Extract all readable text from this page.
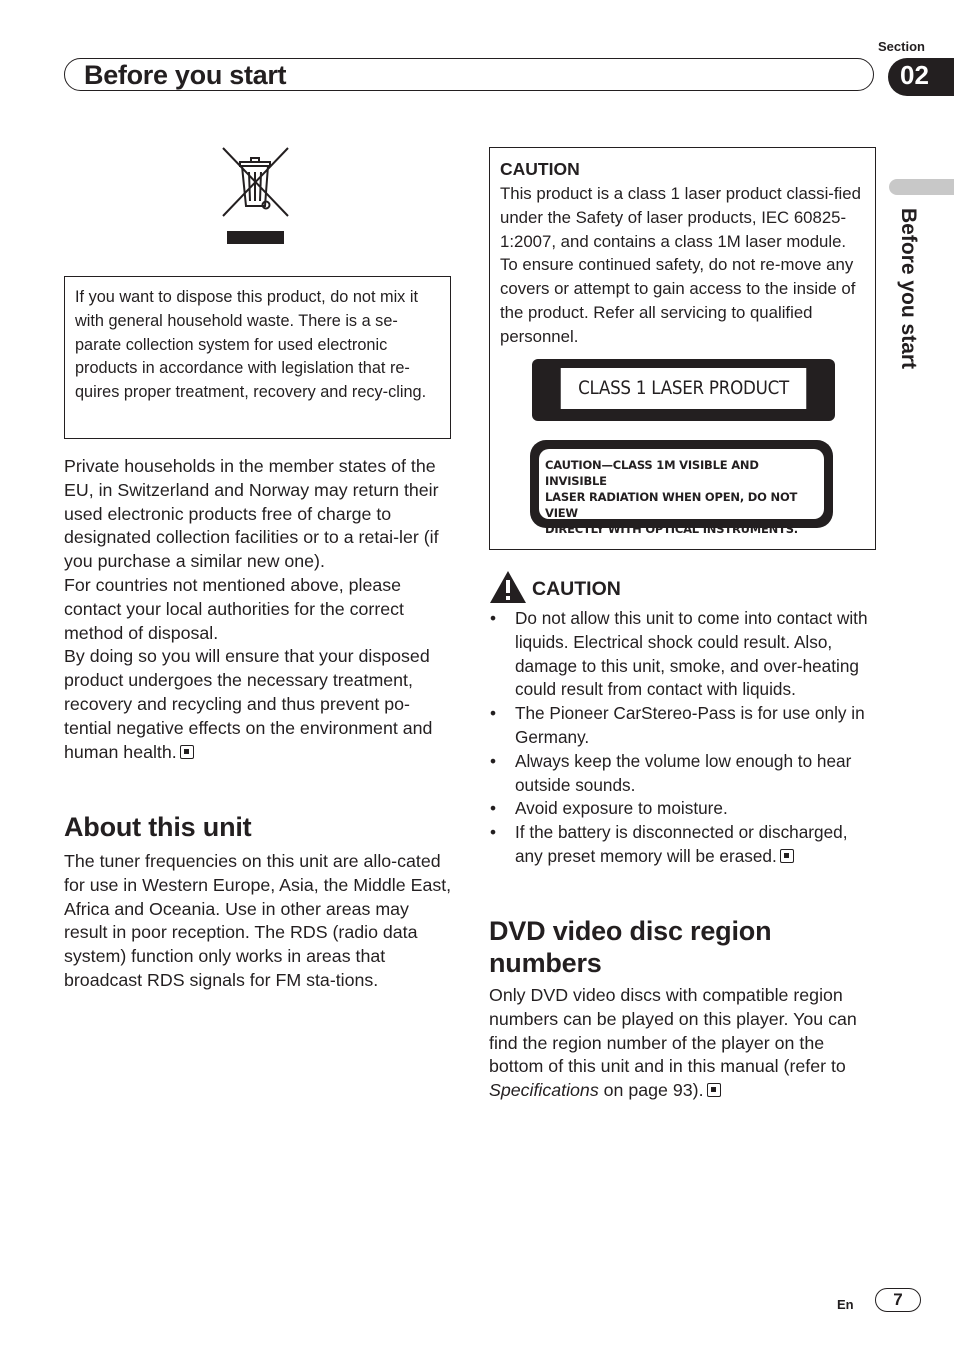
Section
Before you start	02
Before you start
If you want to dispose this product, do not mix it with general household waste. There is a se-parate collection system for used electronic products in accordance with legislation that re-quires proper treatment, recovery and recy-cling.
Private households in the member states of the EU, in Switzerland and Norway may return their used electronic products free of charge to designated collection facilities or to a retai-ler (if you purchase a similar new one).
For countries not mentioned above, please contact your local authorities for the correct method of disposal.
By doing so you will ensure that your disposed product undergoes the necessary treatment, recovery and recycling and thus prevent po-tential negative effects on the environment and human health.
About this unit
The tuner frequencies on this unit are allo-cated for use in Western Europe, Asia, the Middle East, Africa and Oceania. Use in other areas may result in poor reception. The RDS (radio data system) function only works in areas that broadcast RDS signals for FM sta-tions.
CAUTION
This product is a class 1 laser product classi-fied under the Safety of laser products, IEC 60825-1:2007, and contains a class 1M laser module. To ensure continued safety, do not re-move any covers or attempt to gain access to the inside of the product. Refer all servicing to qualified personnel.
CLASS 1 LASER PRODUCT
CAUTION—CLASS 1M VISIBLE AND INVISIBLE
LASER RADIATION WHEN OPEN, DO NOT VIEW
DIRECTLY WITH OPTICAL INSTRUMENTS.
CAUTION
• Do not allow this unit to come into contact with liquids. Electrical shock could result. Also, damage to this unit, smoke, and over-heating could result from contact with liquids.
• The Pioneer CarStereo-Pass is for use only in Germany.
• Always keep the volume low enough to hear outside sounds.
• Avoid exposure to moisture.
• If the battery is disconnected or discharged, any preset memory will be erased.
DVD video disc region numbers
Only DVD video discs with compatible region numbers can be played on this player. You can find the region number of the player on the bottom of this unit and in this manual (refer to Specifications on page 93).
En	7
